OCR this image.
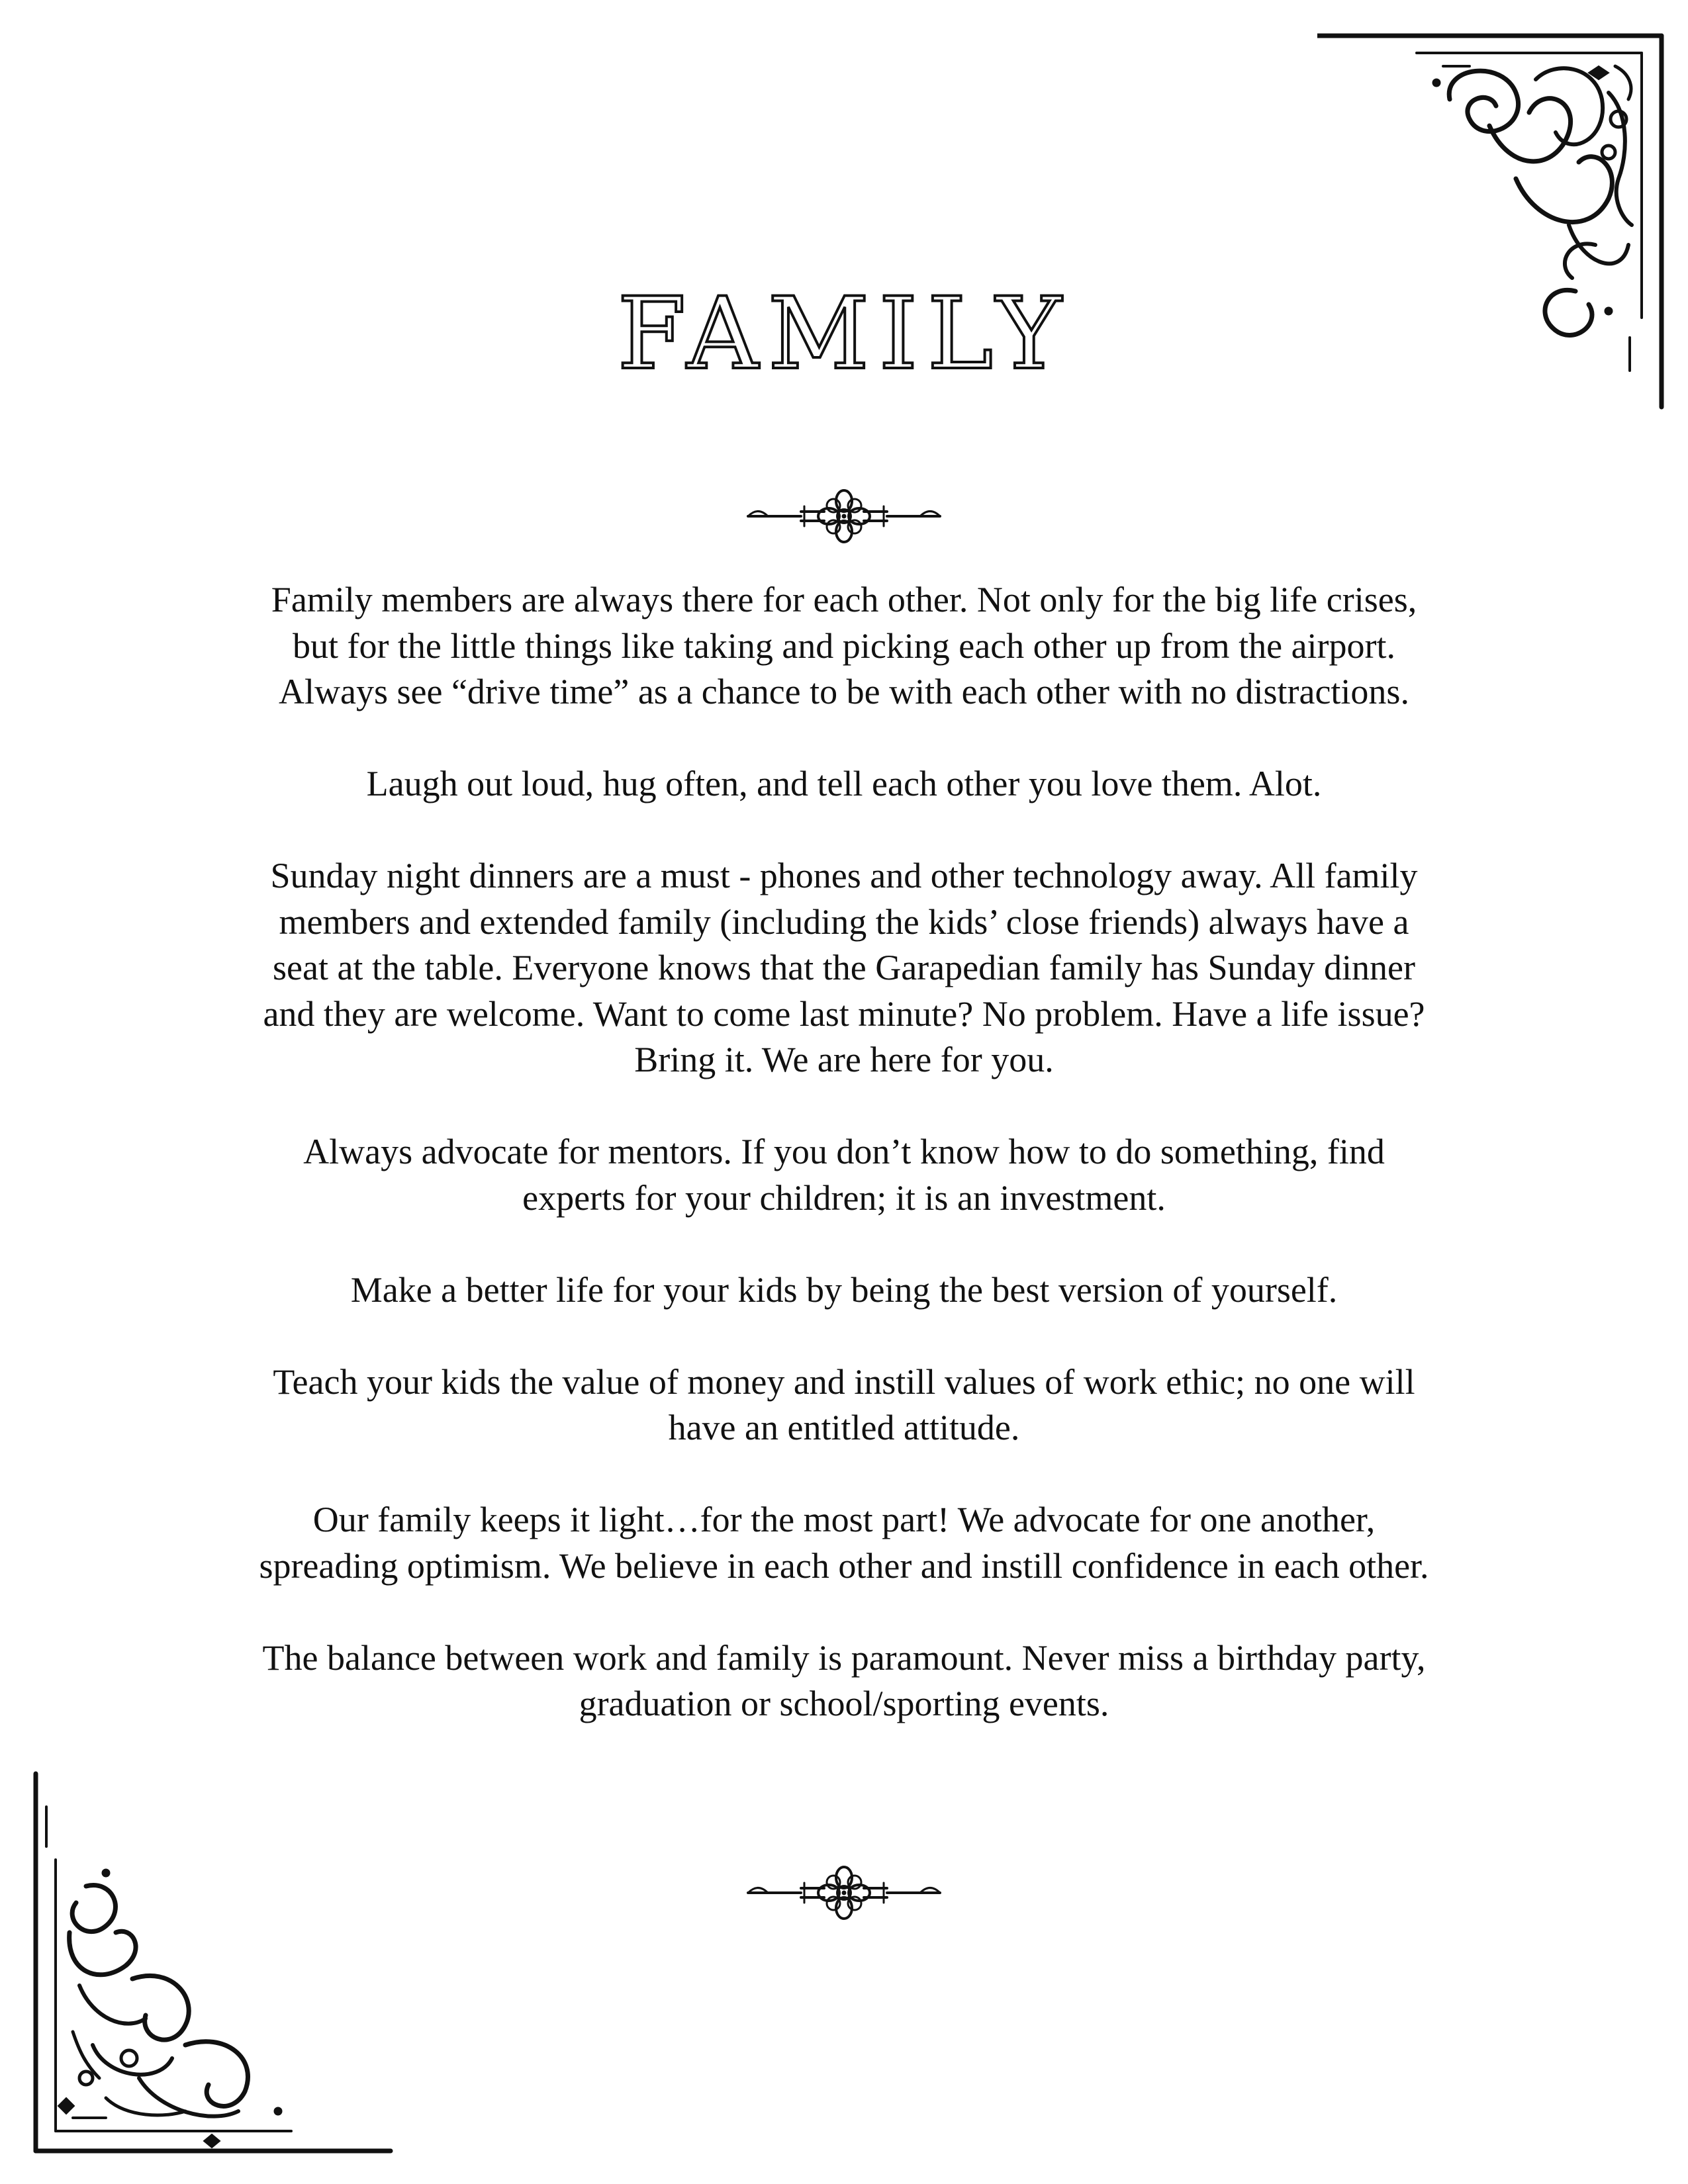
FAMILY

Family members are always there for each other. Not only for the big life crises, but for the little things like taking and picking each other up from the airport. Always see “drive time” as a chance to be with each other with no distractions.

Laugh out loud, hug often, and tell each other you love them. Alot.

Sunday night dinners are a must - phones and other technology away. All family members and extended family (including the kids’ close friends) always have a seat at the table. Everyone knows that the Garapedian family has Sunday dinner and they are welcome. Want to come last minute? No problem. Have a life issue? Bring it. We are here for you.

Always advocate for mentors. If you don’t know how to do something, find experts for your children; it is an investment.

Make a better life for your kids by being the best version of yourself.

Teach your kids the value of money and instill values of work ethic; no one will have an entitled attitude.

Our family keeps it light…for the most part! We advocate for one another, spreading optimism. We believe in each other and instill confidence in each other.

The balance between work and family is paramount. Never miss a birthday party, graduation or school/sporting events.
